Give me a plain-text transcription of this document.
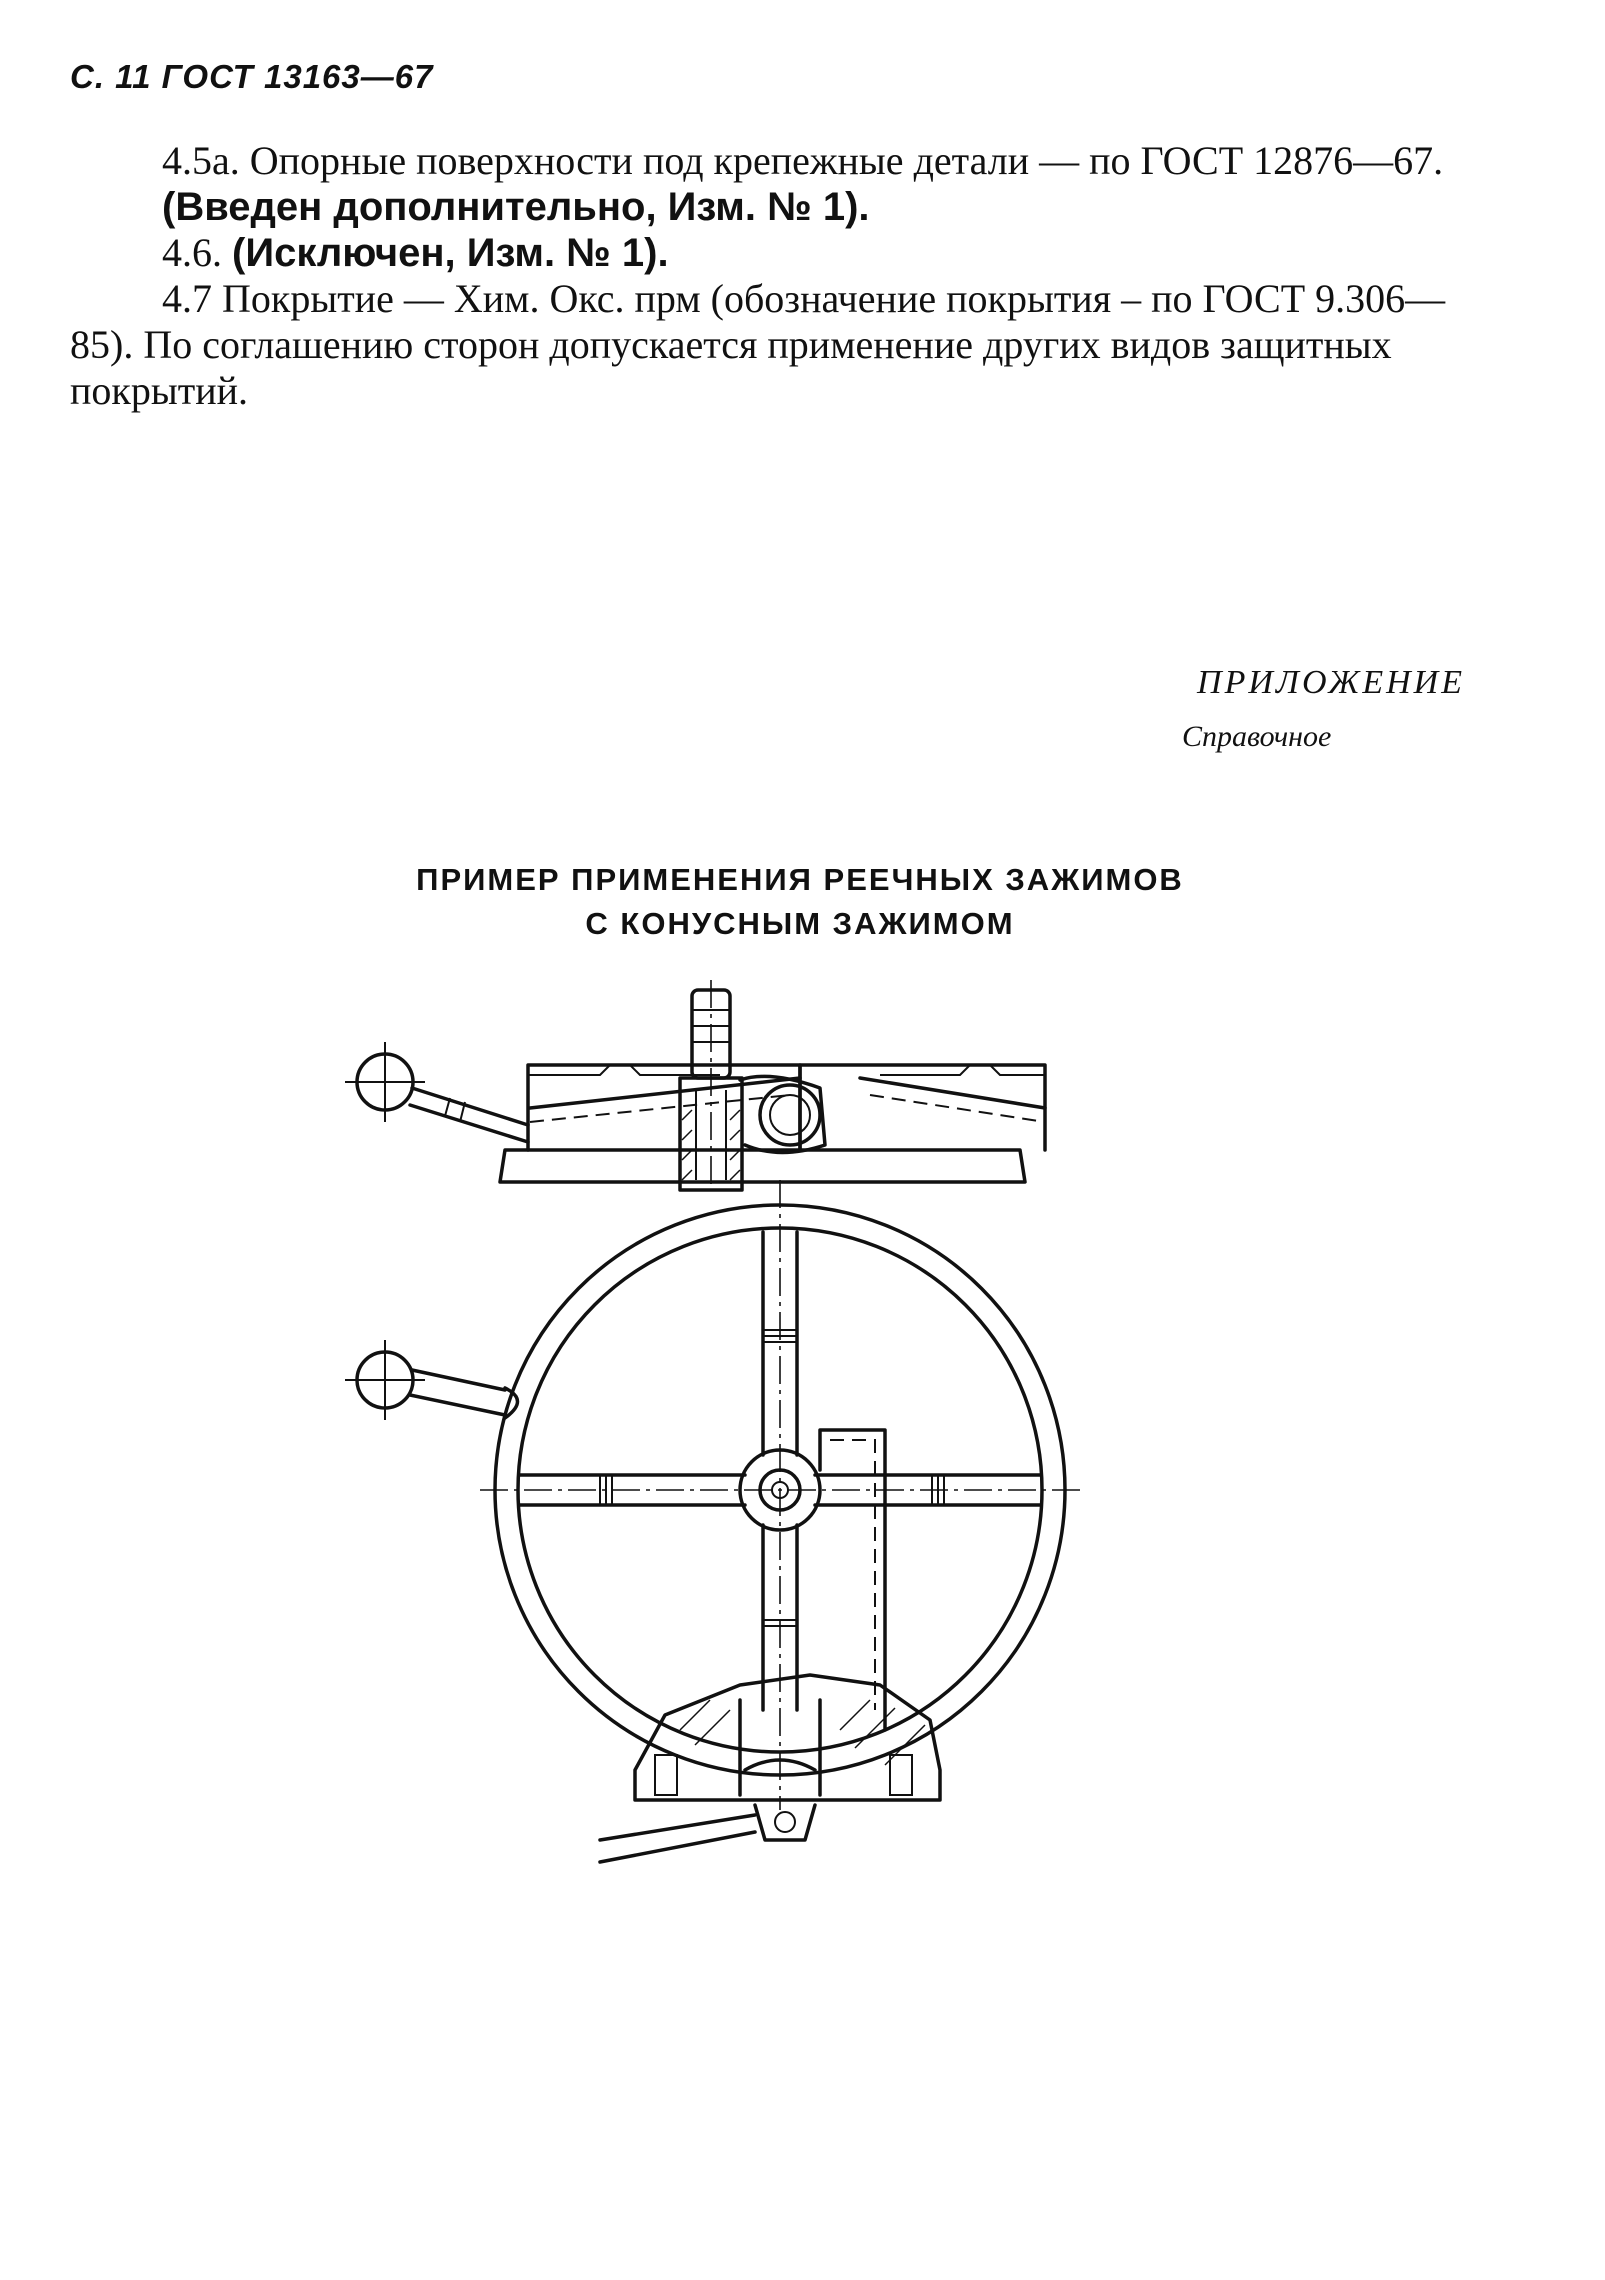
С. 11 ГОСТ 13163—67

4.5а. Опорные поверхности под крепежные детали — по ГОСТ 12876—67.

(Введен дополнительно, Изм. № 1).

4.6. (Исключен, Изм. № 1).

4.7 Покрытие — Хим. Окс. прм (обозначение покрытия – по ГОСТ 9.306—85). По соглашению сторон допускается применение других видов защитных покрытий.

ПРИЛОЖЕНИЕ
Справочное
ПРИМЕР ПРИМЕНЕНИЯ РЕЕЧНЫХ ЗАЖИМОВ
С КОНУСНЫМ ЗАЖИМОМ
